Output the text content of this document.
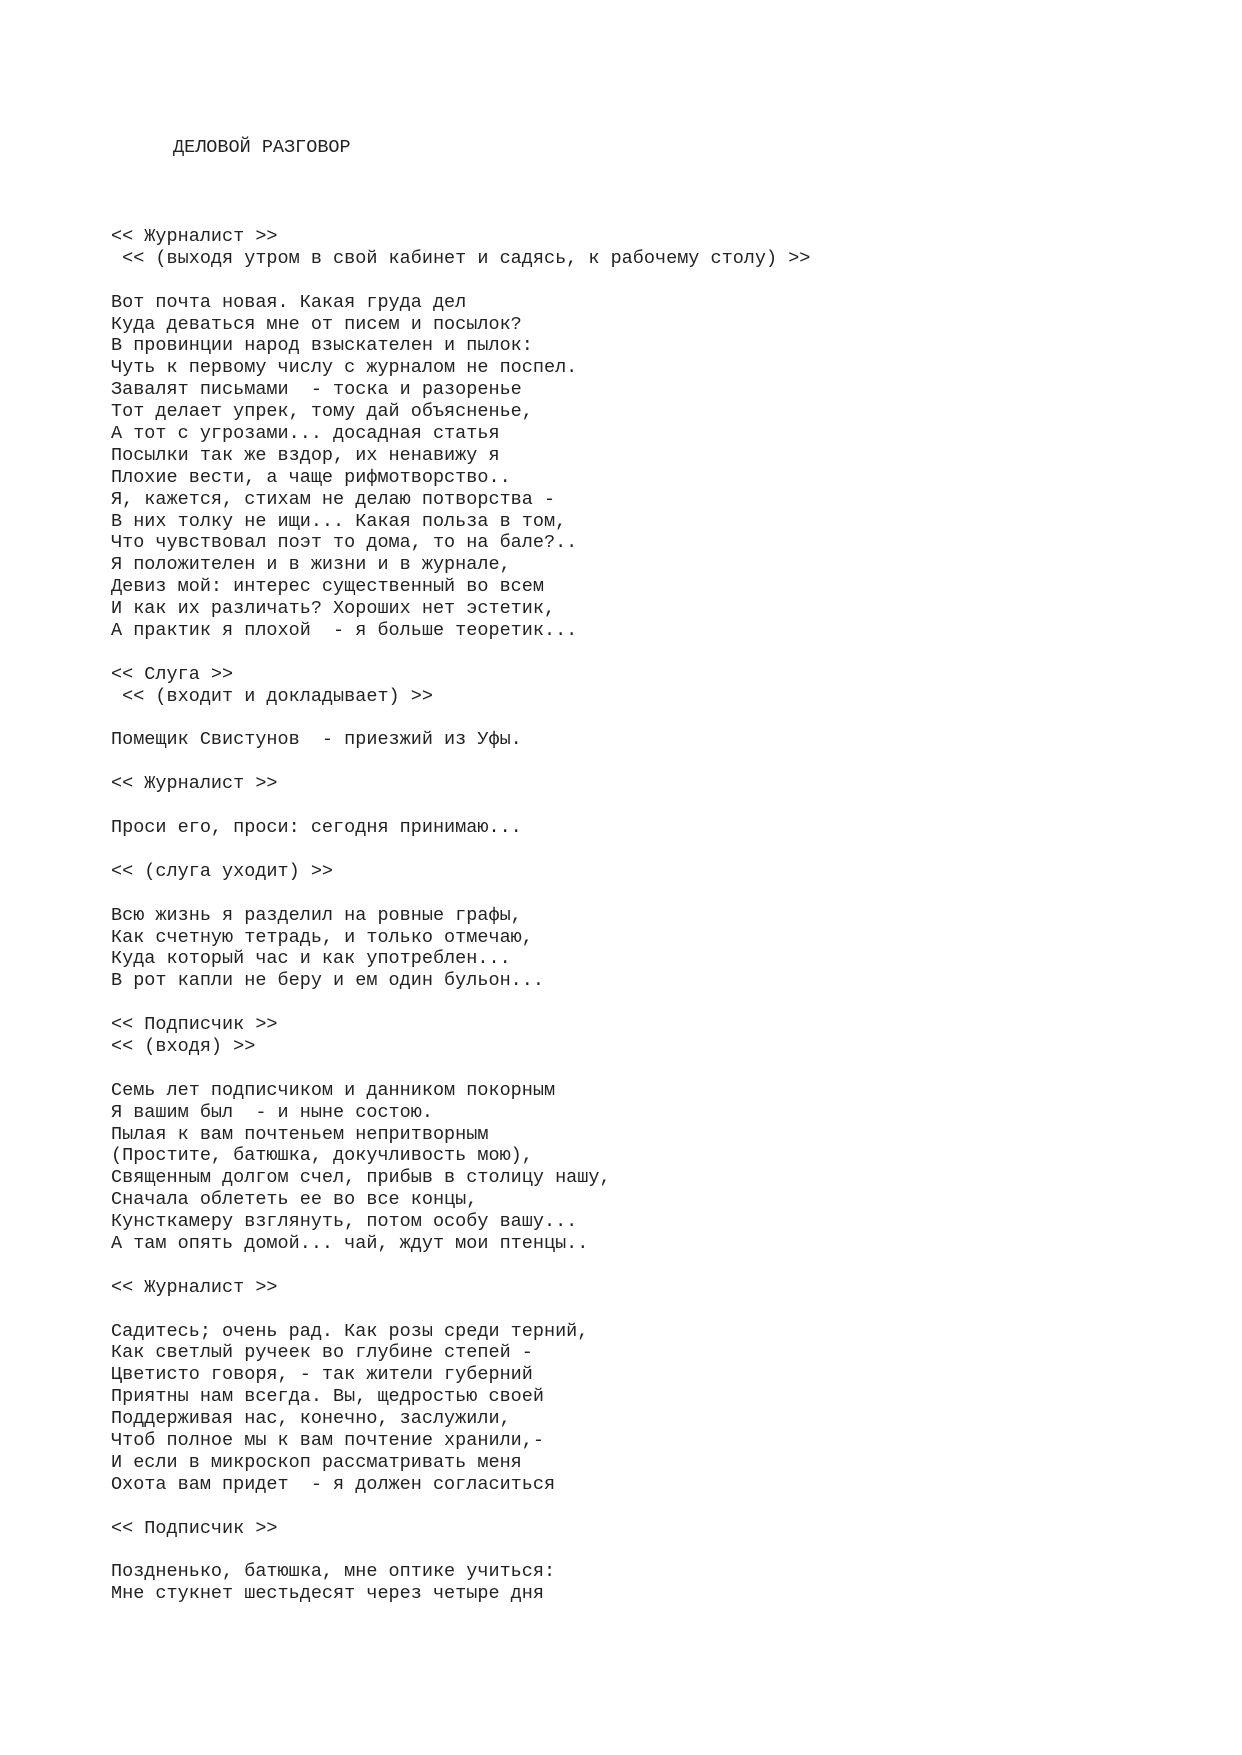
ДЕЛОВОЙ РАЗГОВОР
<< Журналист >>
<< (выходя утром в свой кабинет и садясь, к рабочему столу) >>
Вот почта новая. Какая груда дел
Куда деваться мне от писем и посылок?
В провинции народ взыскателен и пылок:
Чуть к первому числу с журналом не поспел.
Завалят письмами  - тоска и разоренье
Тот делает упрек, тому дай объясненье,
А тот с угрозами... досадная статья
Посылки так же вздор, их ненавижу я
Плохие вести, а чаще рифмотворство..
Я, кажется, стихам не делаю потворства -
В них толку не ищи... Какая польза в том,
Что чувствовал поэт то дома, то на бале?..
Я положителен и в жизни и в журнале,
Девиз мой: интерес существенный во всем
И как их различать? Хороших нет эстетик,
А практик я плохой  - я больше теоретик...
<< Слуга >>
<< (входит и докладывает) >>
Помещик Свистунов  - приезжий из Уфы.
<< Журналист >>
Проси его, проси: сегодня принимаю...
<< (слуга уходит) >>
Всю жизнь я разделил на ровные графы,
Как счетную тетрадь, и только отмечаю,
Куда который час и как употреблен...
В рот капли не беру и ем один бульон...
<< Подписчик >>
<< (входя) >>
Семь лет подписчиком и данником покорным
Я вашим был  - и ныне состою.
Пылая к вам почтеньем непритворным
(Простите, батюшка, докучливость мою),
Священным долгом счел, прибыв в столицу нашу,
Сначала облететь ее во все концы,
Кунсткамеру взглянуть, потом особу вашу...
А там опять домой... чай, ждут мои птенцы..
<< Журналист >>
Садитесь; очень рад. Как розы среди терний,
Как светлый ручеек во глубине степей -
Цветисто говоря, - так жители губерний
Приятны нам всегда. Вы, щедростью своей
Поддерживая нас, конечно, заслужили,
Чтоб полное мы к вам почтение хранили,-
И если в микроскоп рассматривать меня
Охота вам придет  - я должен согласиться
<< Подписчик >>
Поздненько, батюшка, мне оптике учиться:
Мне стукнет шестьдесят через четыре дня
